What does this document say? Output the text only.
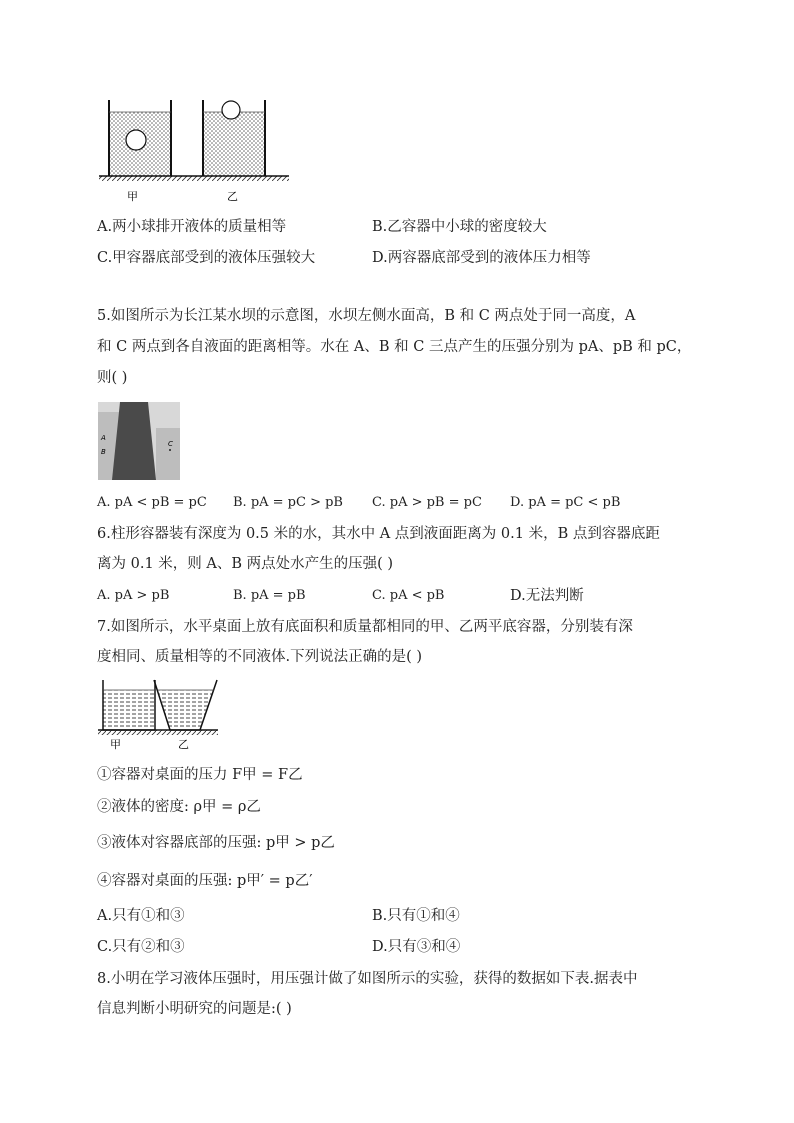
甲	乙
A.两小球排开液体的质量相等	B.乙容器中小球的密度较大
C.甲容器底部受到的液体压强较大	D.两容器底部受到的液体压力相等
5.如图所示为长江某水坝的示意图，水坝左侧水面高，B 和 C 两点处于同一高度，A
和 C 两点到各自液面的距离相等。水在 A、B 和 C 三点产生的压强分别为 pA、pB 和 pC，
则( )
A
B
C
A. pA < pB = pC B. pA = pC > pB C. pA > pB = pC D. pA = pC < pB
6.柱形容器装有深度为 0.5 米的水，其水中 A 点到液面距离为 0.1 米，B 点到容器底距
离为 0.1 米，则 A、B 两点处水产生的压强( )
A. pA > pB	B. pA = pB	C. pA < pB	D.无法判断
7.如图所示，水平桌面上放有底面积和质量都相同的甲、乙两平底容器，分别装有深
度相同、质量相等的不同液体.下列说法正确的是( )
甲	乙
①容器对桌面的压力 F甲 = F乙
②液体的密度: ρ甲 = ρ乙
③液体对容器底部的压强: p甲 > p乙
④容器对桌面的压强: p甲′ = p乙′
A.只有①和③	B.只有①和④
C.只有②和③	D.只有③和④
8.小明在学习液体压强时，用压强计做了如图所示的实验，获得的数据如下表.据表中
信息判断小明研究的问题是:( )
